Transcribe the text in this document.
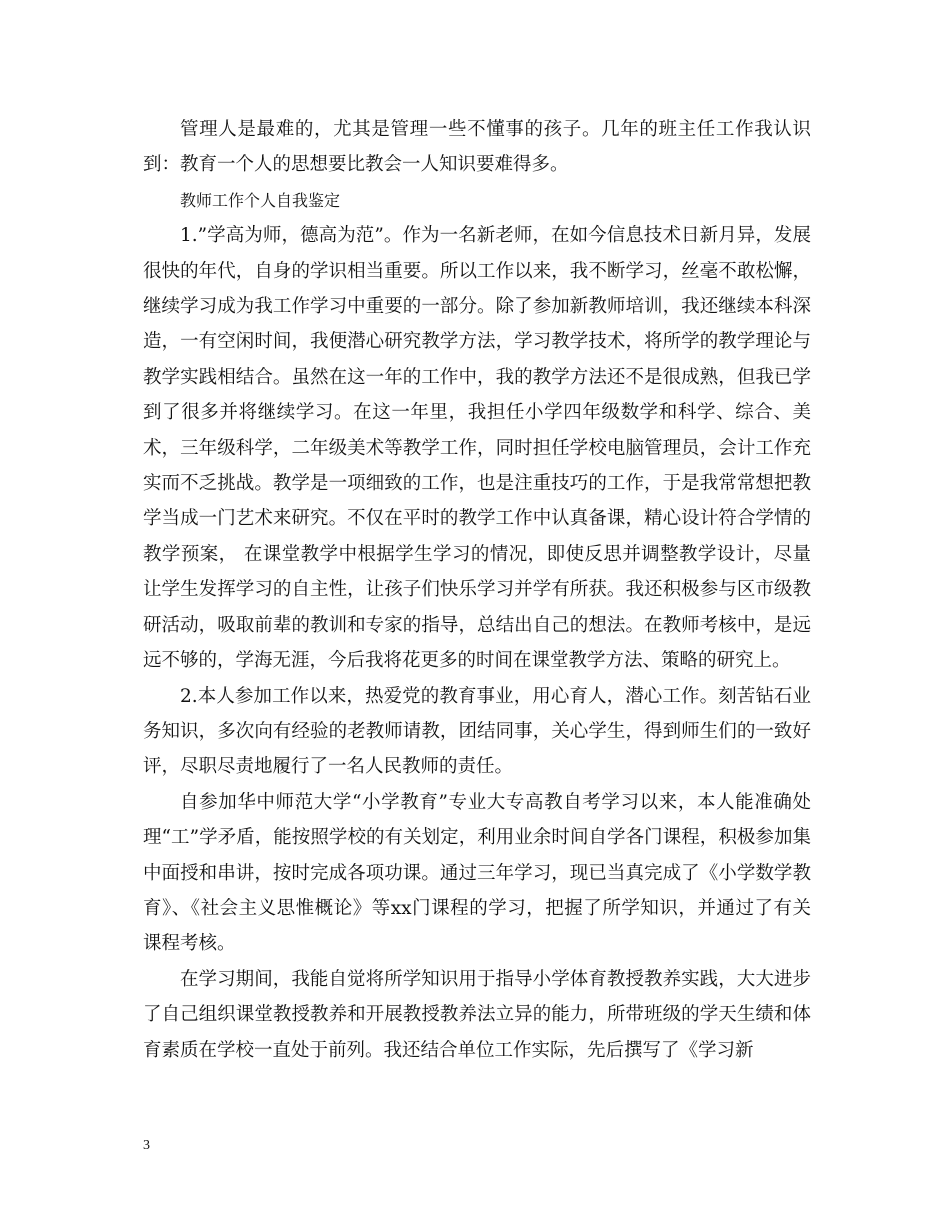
管理人是最难的，尤其是管理一些不懂事的孩子。几年的班主任工作我认识到：教育一个人的思想要比教会一人知识要难得多。

教师工作个人自我鉴定

1.”学高为师，德高为范”。作为一名新老师，在如今信息技术日新月异，发展很快的年代，自身的学识相当重要。所以工作以来，我不断学习，丝毫不敢松懈，继续学习成为我工作学习中重要的一部分。除了参加新教师培训，我还继续本科深造，一有空闲时间，我便潜心研究教学方法，学习教学技术，将所学的教学理论与教学实践相结合。虽然在这一年的工作中，我的教学方法还不是很成熟，但我已学到了很多并将继续学习。在这一年里，我担任小学四年级数学和科学、综合、美术，三年级科学，二年级美术等教学工作，同时担任学校电脑管理员，会计工作充实而不乏挑战。教学是一项细致的工作，也是注重技巧的工作，于是我常常想把教学当成一门艺术来研究。不仅在平时的教学工作中认真备课，精心设计符合学情的教学预案， 在课堂教学中根据学生学习的情况，即使反思并调整教学设计，尽量让学生发挥学习的自主性，让孩子们快乐学习并学有所获。我还积极参与区市级教研活动，吸取前辈的教训和专家的指导，总结出自己的想法。在教师考核中，是远远不够的，学海无涯，今后我将花更多的时间在课堂教学方法、策略的研究上。

2.本人参加工作以来，热爱党的教育事业，用心育人，潜心工作。刻苦钻石业务知识，多次向有经验的老教师请教，团结同事，关心学生，得到师生们的一致好评，尽职尽责地履行了一名人民教师的责任。

自参加华中师范大学“小学教育”专业大专高教自考学习以来，本人能准确处理“工”学矛盾，能按照学校的有关划定，利用业余时间自学各门课程，积极参加集中面授和串讲，按时完成各项功课。通过三年学习，现已当真完成了《小学数学教育》、《社会主义思惟概论》等xx门课程的学习，把握了所学知识，并通过了有关课程考核。

在学习期间，我能自觉将所学知识用于指导小学体育教授教养实践，大大进步了自己组织课堂教授教养和开展教授教养法立异的能力，所带班级的学天生绩和体育素质在学校一直处于前列。我还结合单位工作实际，先后撰写了《学习新

3
